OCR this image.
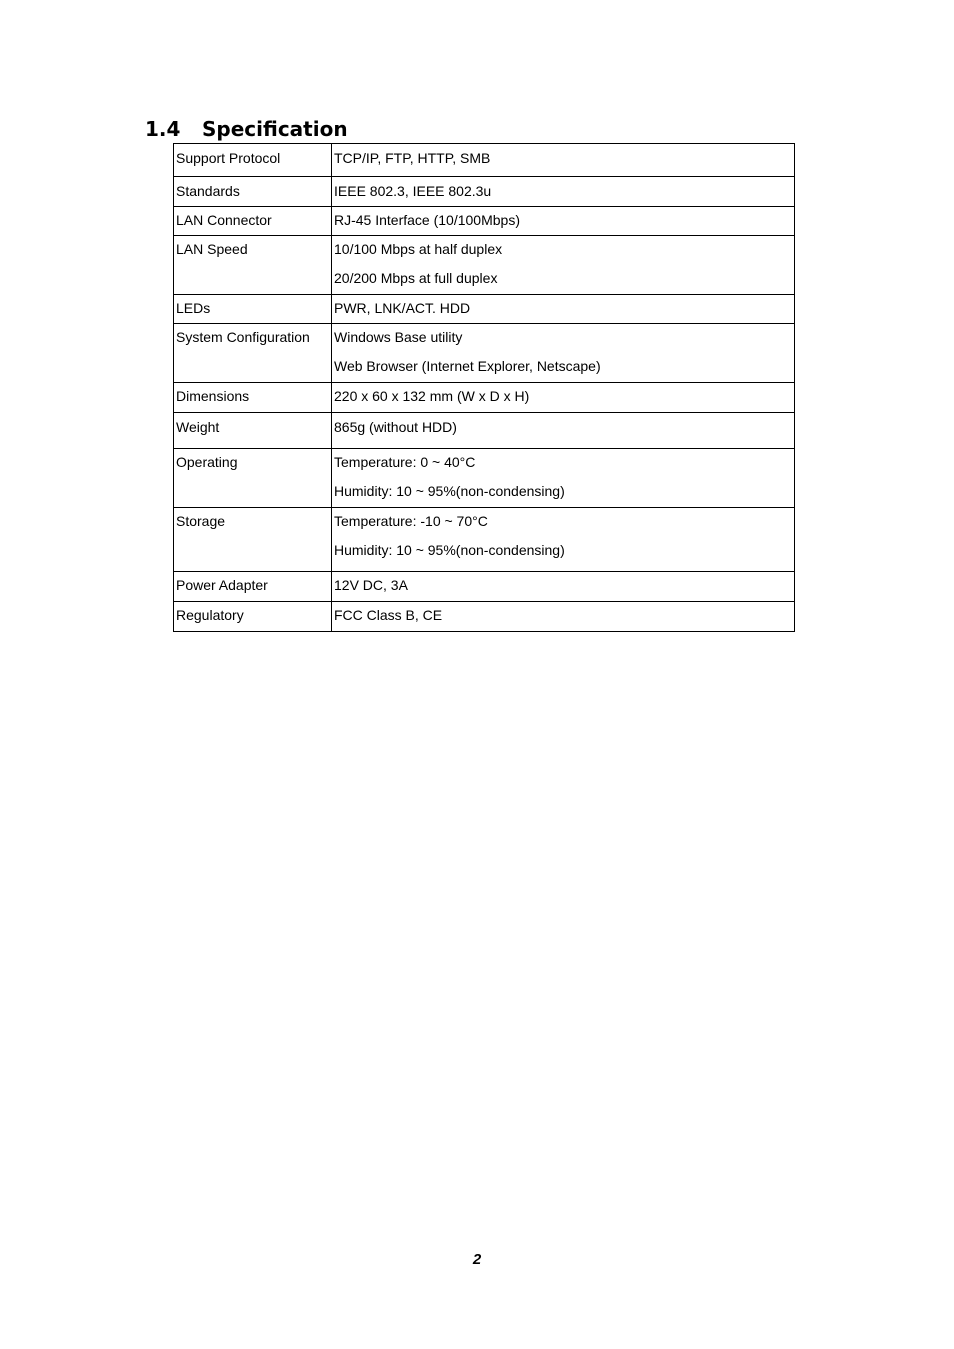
1.4 Specification
Support Protocol	TCP/IP, FTP, HTTP, SMB

Standards	IEEE 802.3, IEEE 802.3u

LAN Connector	RJ-45 Interface (10/100Mbps)

LAN Speed	10/100 Mbps at half duplex
20/200 Mbps at full duplex

LEDs	PWR, LNK/ACT. HDD

System Configuration	Windows Base utility
Web Browser (Internet Explorer, Netscape)

Dimensions	220 x 60 x 132 mm (W x D x H)

Weight	865g (without HDD)

Operating	Temperature: 0 ~ 40°C
Humidity: 10 ~ 95%(non-condensing)

Storage	Temperature: -10 ~ 70°C
Humidity: 10 ~ 95%(non-condensing)

Power Adapter	12V DC, 3A

Regulatory	FCC Class B, CE
2
